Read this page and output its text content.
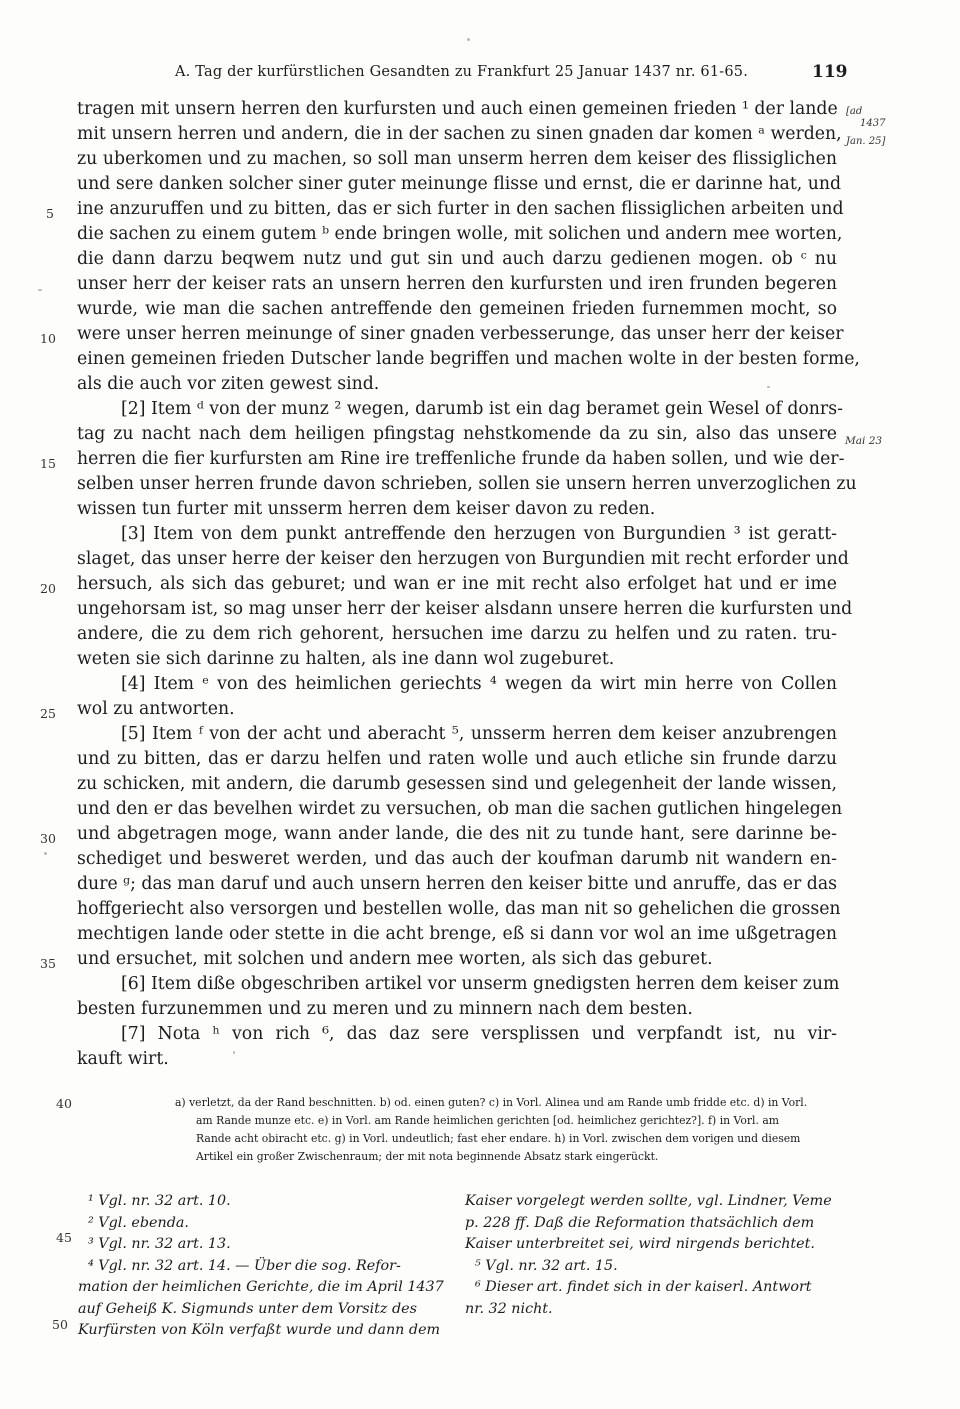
A. Tag der kurfürstlichen Gesandten zu Frankfurt 25 Januar 1437 nr. 61-65.	119
[ad
1437
Jan. 25]
Mai 23
tragen mit unsern herren den kurfursten und auch einen gemeinen frieden ¹ der lande
mit unsern herren und andern, die in der sachen zu sinen gnaden dar komen ᵃ werden,
zu uberkomen und zu machen, so soll man unserm herren dem keiser des flissiglichen
und sere danken solcher siner guter meinunge flisse und ernst, die er darinne hat, und
ine anzuruffen und zu bitten, das er sich furter in den sachen flissiglichen arbeiten und
die sachen zu einem gutem ᵇ ende bringen wolle, mit solichen und andern mee worten,
die dann darzu beqwem nutz und gut sin und auch darzu gedienen mogen. ob ᶜ nu
unser herr der keiser rats an unsern herren den kurfursten und iren frunden begeren
wurde, wie man die sachen antreffende den gemeinen frieden furnemmen mocht, so
were unser herren meinunge of siner gnaden verbesserunge, das unser herr der keiser
einen gemeinen frieden Dutscher lande begriffen und machen wolte in der besten forme,
als die auch vor ziten gewest sind.
[2] Item ᵈ von der munz ² wegen, darumb ist ein dag beramet gein Wesel of donrs-
tag zu nacht nach dem heiligen pfingstag nehstkomende da zu sin, also das unsere
herren die fier kurfursten am Rine ire treffenliche frunde da haben sollen, und wie der-
selben unser herren frunde davon schrieben, sollen sie unsern herren unverzoglichen zu
wissen tun furter mit unsserm herren dem keiser davon zu reden.
[3] Item von dem punkt antreffende den herzugen von Burgundien ³ ist geratt-
slaget, das unser herre der keiser den herzugen von Burgundien mit recht erforder und
hersuch, als sich das geburet; und wan er ine mit recht also erfolget hat und er ime
ungehorsam ist, so mag unser herr der keiser alsdann unsere herren die kurfursten und
andere, die zu dem rich gehorent, hersuchen ime darzu zu helfen und zu raten. tru-
weten sie sich darinne zu halten, als ine dann wol zugeburet.
[4] Item ᵉ von des heimlichen geriechts ⁴ wegen da wirt min herre von Collen
wol zu antworten.
[5] Item ᶠ von der acht und aberacht ⁵, unsserm herren dem keiser anzubrengen
und zu bitten, das er darzu helfen und raten wolle und auch etliche sin frunde darzu
zu schicken, mit andern, die darumb gesessen sind und gelegenheit der lande wissen,
und den er das bevelhen wirdet zu versuchen, ob man die sachen gutlichen hingelegen
und abgetragen moge, wann ander lande, die des nit zu tunde hant, sere darinne be-
schediget und besweret werden, und das auch der koufman darumb nit wandern en-
dure ᵍ; das man daruf und auch unsern herren den keiser bitte und anruffe, das er das
hoffgeriecht also versorgen und bestellen wolle, das man nit so gehelichen die grossen
mechtigen lande oder stette in die acht brenge, eß si dann vor wol an ime ußgetragen
und ersuchet, mit solchen und andern mee worten, als sich das geburet.
[6] Item diße obgeschriben artikel vor unserm gnedigsten herren dem keiser zum
besten furzunemmen und zu meren und zu minnern nach dem besten.
[7] Nota ʰ von rich ⁶, das daz sere versplissen und verpfandt ist, nu vir-
kauft wirt.
5
10
15
20
25
30
35
40
45
50
a) verletzt, da der Rand beschnitten. b) od. einen guten? c) in Vorl. Alinea und am Rande umb fridde etc. d) in Vorl.
am Rande munze etc. e) in Vorl. am Rande heimlichen gerichten [od. heimlichez gerichtez?]. f) in Vorl. am
Rande acht obiracht etc. g) in Vorl. undeutlich; fast eher endare. h) in Vorl. zwischen dem vorigen und diesem
Artikel ein großer Zwischenraum; der mit nota beginnende Absatz stark eingerückt.
¹ Vgl. nr. 32 art. 10.
² Vgl. ebenda.
³ Vgl. nr. 32 art. 13.
⁴ Vgl. nr. 32 art. 14. — Über die sog. Refor-
mation der heimlichen Gerichte, die im April 1437
auf Geheiß K. Sigmunds unter dem Vorsitz des
Kurfürsten von Köln verfaßt wurde und dann dem
Kaiser vorgelegt werden sollte, vgl. Lindner, Veme
p. 228 ff. Daß die Reformation thatsächlich dem
Kaiser unterbreitet sei, wird nirgends berichtet.
⁵ Vgl. nr. 32 art. 15.
⁶ Dieser art. findet sich in der kaiserl. Antwort
nr. 32 nicht.
